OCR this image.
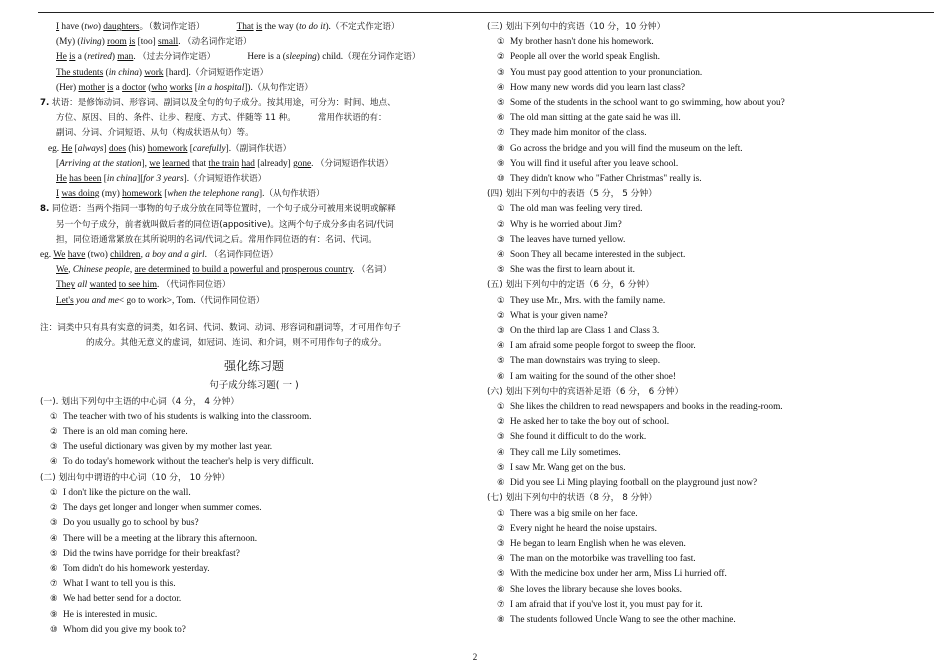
I have (two) daughters。（数词作定语）	That is the way (to do it).（不定式作定语）
(My) (living) room is [too] small. （动名词作定语）
He is a (retired) man. （过去分词作定语）	Here is a (sleeping) child.（现在分词作定语）
The students (in china) work [hard].（介词短语作定语）
(Her) mother is a doctor (who works [in a hospital]).（从句作定语）
7. 状语：是修饰动词、形容词、副词以及全句的句子成分。按其用途，可分为：时间、地点、
方位、原因、目的、条件、让步、程度、方式、伴随等 11 种。	常用作状语的有：
副词、分词、介词短语、从句（构成状语从句）等。
eg. He [always] does (his) homework [carefully].（副词作状语）
[Arriving at the station], we learned that the train had [already] gone. （分词短语作状语）
He has been [in china][for 3 years].（介词短语作状语）
I was doing (my) homework [when the telephone rang].（从句作状语）
8. 同位语：当两个指同一事物的句子成分放在同等位置时，一个句子成分可被用来说明或解释
另一个句子成分，前者就叫做后者的同位语(appositive)。这两个句子成分多由名词/代词
担，同位语通常紧放在其所说明的名词/代词之后。常用作同位语的有：名词、代词。
eg. We have (two) children, a boy and a girl. （名词作同位语）
We, Chinese people, are determined to build a powerful and prosperous country. （名词）
They all wanted to see him. （代词作同位语）
Let's you and me< go to work>, Tom.（代词作同位语）
注：词类中只有具有实意的词类，如名词、代词、数词、动词、形容词和副词等，才可用作句子
的成分。其他无意义的虚词，如冠词、连词、和介词，则不可用作句子的成分。
强化练习题
句子成分练习题( 一 )
(一). 划出下列句中主语的中心词（4 分， 4 分钟）
① The teacher with two of his students is walking into the classroom.
② There is an old man coming here.
③ The useful dictionary was given by my mother last year.
④ To do today's homework without the teacher's help is very difficult.
(二) 划出句中谓语的中心词（10 分， 10 分钟）
① I don't like the picture on the wall.
② The days get longer and longer when summer comes.
③ Do you usually go to school by bus?
④ There will be a meeting at the library this afternoon.
⑤ Did the twins have porridge for their breakfast?
⑥ Tom didn't do his homework yesterday.
⑦ What I want to tell you is this.
⑧ We had better send for a doctor.
⑨ He is interested in music.
⑩ Whom did you give my book to?
(三) 划出下列句中的宾语（10 分，10 分钟）
① My brother hasn't done his homework.
② People all over the world speak English.
③ You must pay good attention to your pronunciation.
④ How many new words did you learn last class?
⑤ Some of the students in the school want to go swimming, how about you?
⑥ The old man sitting at the gate said he was ill.
⑦ They made him monitor of the class.
⑧ Go across the bridge and you will find the museum on the left.
⑨ You will find it useful after you leave school.
⑩ They didn't know who "Father Christmas" really is.
(四) 划出下列句中的表语（5 分， 5 分钟）
① The old man was feeling very tired.
② Why is he worried about Jim?
③ The leaves have turned yellow.
④ Soon They all became interested in the subject.
⑤ She was the first to learn about it.
(五) 划出下列句中的定语（6 分，6 分钟）
① They use Mr., Mrs. with the family name.
② What is your given name?
③ On the third lap are Class 1 and Class 3.
④ I am afraid some people forgot to sweep the floor.
⑤ The man downstairs was trying to sleep.
⑥ I am waiting for the sound of the other shoe!
(六) 划出下列句中的宾语补足语（6 分， 6 分钟）
① She likes the children to read newspapers and books in the reading-room.
② He asked her to take the boy out of school.
③ She found it difficult to do the work.
④ They call me Lily sometimes.
⑤ I saw Mr. Wang get on the bus.
⑥ Did you see Li Ming playing football on the playground just now?
(七) 划出下列句中的状语（8 分， 8 分钟）
① There was a big smile on her face.
② Every night he heard the noise upstairs.
③ He began to learn English when he was eleven.
④ The man on the motorbike was travelling too fast.
⑤ With the medicine box under her arm, Miss Li hurried off.
⑥ She loves the library because she loves books.
⑦ I am afraid that if you've lost it, you must pay for it.
⑧ The students followed Uncle Wang to see the other machine.
2
